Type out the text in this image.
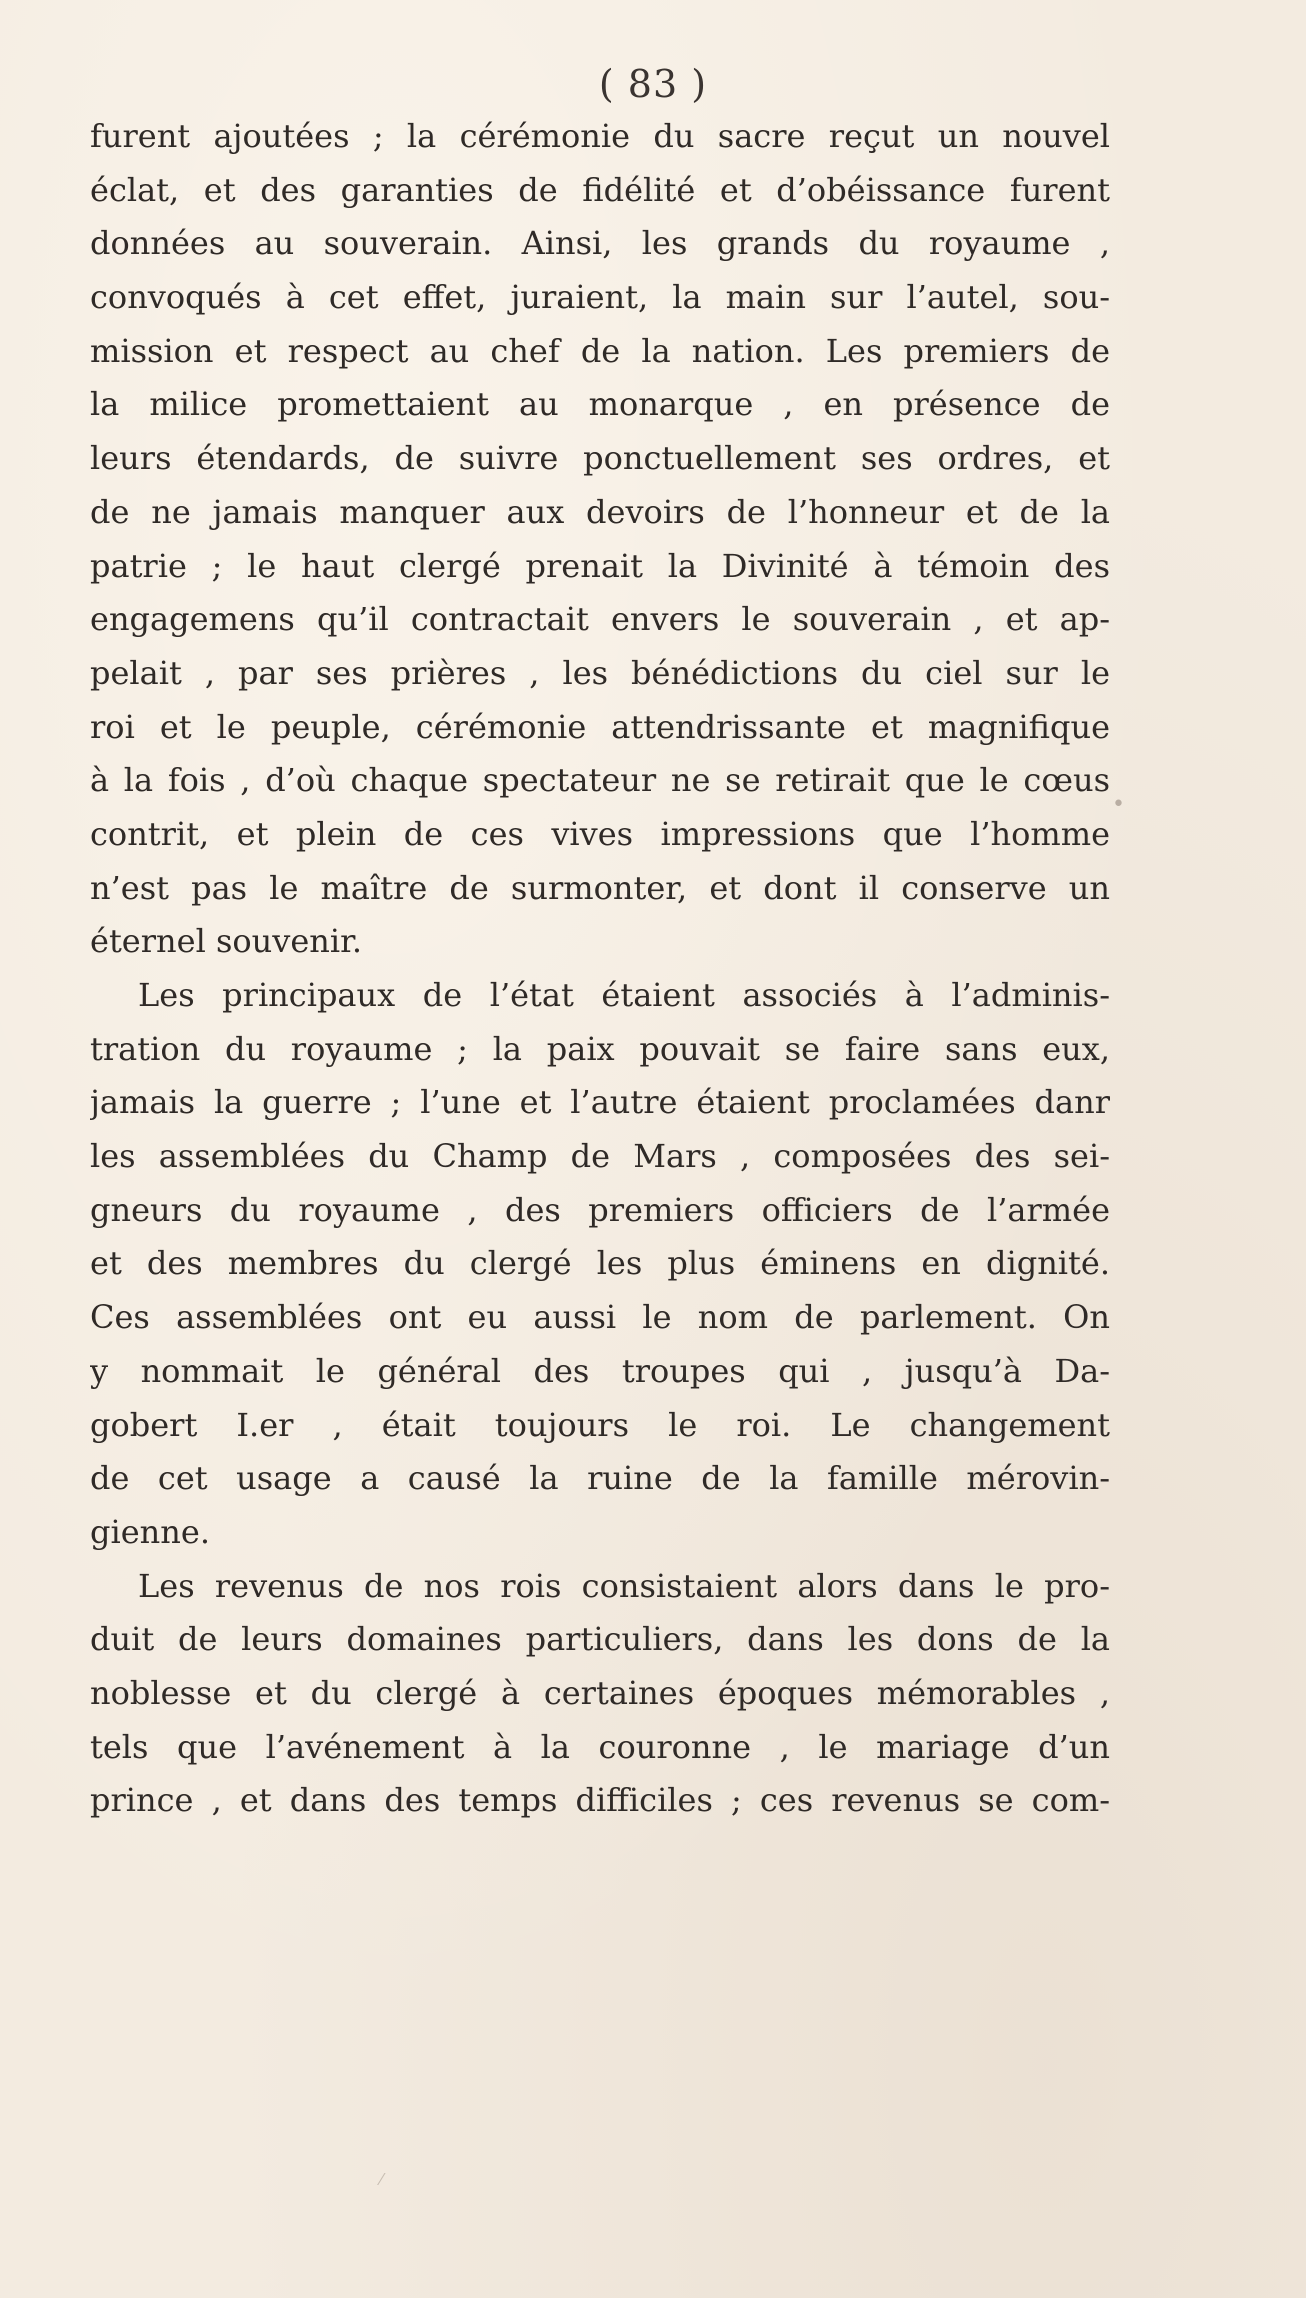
( 83 )
furent ajoutées ; la cérémonie du sacre reçut un nouvel
éclat, et des garanties de fidélité et d’obéissance furent
données au souverain. Ainsi, les grands du royaume ,
convoqués à cet effet, juraient, la main sur l’autel, sou-
mission et respect au chef de la nation. Les premiers de
la milice promettaient au monarque , en présence de
leurs étendards, de suivre ponctuellement ses ordres, et
de ne jamais manquer aux devoirs de l’honneur et de la
patrie ; le haut clergé prenait la Divinité à témoin des
engagemens qu’il contractait envers le souverain , et ap-
pelait , par ses prières , les bénédictions du ciel sur le
roi et le peuple, cérémonie attendrissante et magnifique
à la fois , d’où chaque spectateur ne se retirait que le cœus
contrit, et plein de ces vives impressions que l’homme
n’est pas le maître de surmonter, et dont il conserve un
éternel souvenir.
Les principaux de l’état étaient associés à l’adminis-
tration du royaume ; la paix pouvait se faire sans eux,
jamais la guerre ; l’une et l’autre étaient proclamées danr
les assemblées du Champ de Mars , composées des sei-
gneurs du royaume , des premiers officiers de l’armée
et des membres du clergé les plus éminens en dignité.
Ces assemblées ont eu aussi le nom de parlement. On
y nommait le général des troupes qui , jusqu’à Da-
gobert I.er , était toujours le roi. Le changement
de cet usage a causé la ruine de la famille mérovin-
gienne.
Les revenus de nos rois consistaient alors dans le pro-
duit de leurs domaines particuliers, dans les dons de la
noblesse et du clergé à certaines époques mémorables ,
tels que l’avénement à la couronne , le mariage d’un
prince , et dans des temps difficiles ; ces revenus se com-
•
⁄
